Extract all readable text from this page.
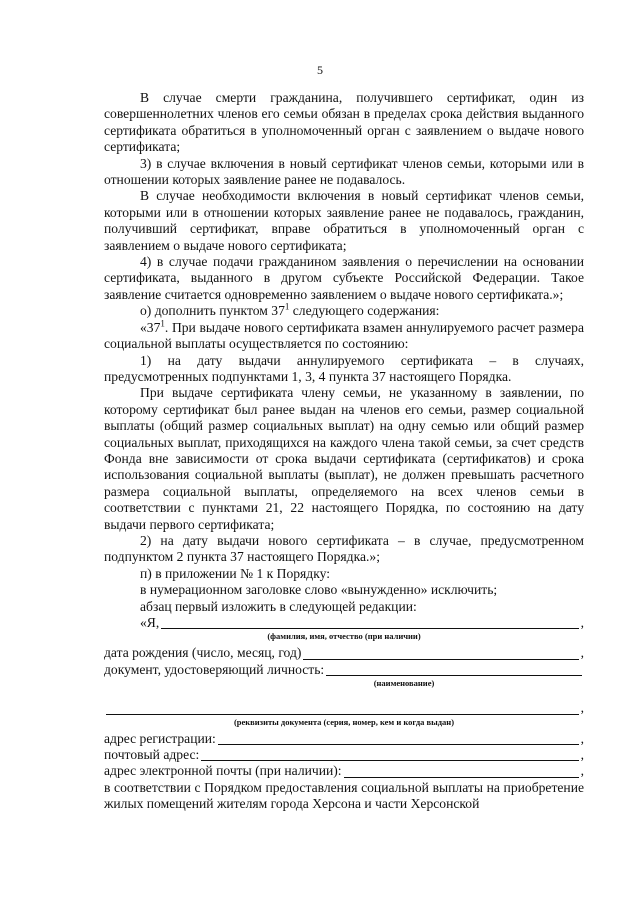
5

В случае смерти гражданина, получившего сертификат, один из совершеннолетних членов его семьи обязан в пределах срока действия выданного сертификата обратиться в уполномоченный орган с заявлением о выдаче нового сертификата;

3) в случае включения в новый сертификат членов семьи, которыми или в отношении которых заявление ранее не подавалось.

В случае необходимости включения в новый сертификат членов семьи, которыми или в отношении которых заявление ранее не подавалось, гражданин, получивший сертификат, вправе обратиться в уполномоченный орган с заявлением о выдаче нового сертификата;

4) в случае подачи гражданином заявления о перечислении на основании сертификата, выданного в другом субъекте Российской Федерации. Такое заявление считается одновременно заявлением о выдаче нового сертификата.»;

о) дополнить пунктом $37^1$ следующего содержания:

«$37^1$. При выдаче нового сертификата взамен аннулируемого расчет размера социальной выплаты осуществляется по состоянию:

1) на дату выдачи аннулируемого сертификата – в случаях, предусмотренных подпунктами 1, 3, 4 пункта 37 настоящего Порядка.

При выдаче сертификата члену семьи, не указанному в заявлении, по которому сертификат был ранее выдан на членов его семьи, размер социальной выплаты (общий размер социальных выплат) на одну семью или общий размер социальных выплат, приходящихся на каждого члена такой семьи, за счет средств Фонда вне зависимости от срока выдачи сертификата (сертификатов) и срока использования социальной выплаты (выплат), не должен превышать расчетного размера социальной выплаты, определяемого на всех членов семьи в соответствии с пунктами 21, 22 настоящего Порядка, по состоянию на дату выдачи первого сертификата;

2) на дату выдачи нового сертификата – в случае, предусмотренном подпунктом 2 пункта 37 настоящего Порядка.»;

п) в приложении № 1 к Порядку:

в нумерационном заголовке слово «вынужденно» исключить;

абзац первый изложить в следующей редакции:

«Я,	,
(фамилия, имя, отчество (при наличии)
дата рождения (число, месяц, год)	,
документ, удостоверяющий личность:
(наименование)
,
(реквизиты документа (серия, номер, кем и когда выдан)
адрес регистрации:	,
почтовый адрес:	,
адрес электронной почты (при наличии):	,

в соответствии с Порядком предоставления социальной выплаты на приобретение жилых помещений жителям города Херсона и части Херсонской
